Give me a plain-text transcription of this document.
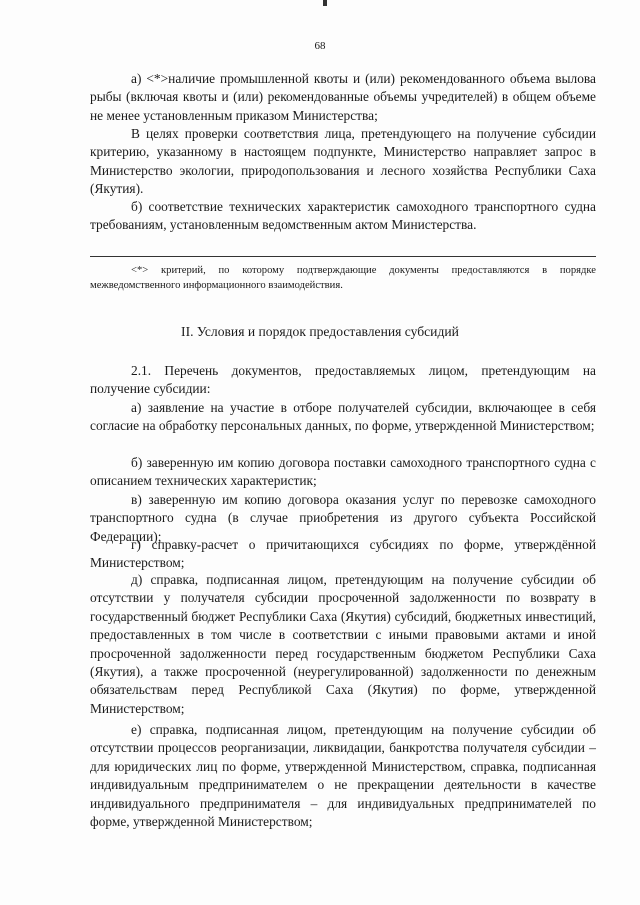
68

а) <*>наличие промышленной квоты и (или) рекомендованного объема вылова рыбы (включая квоты и (или) рекомендованные объемы учредителей) в общем объеме не менее установленным приказом Министерства;

В целях проверки соответствия лица, претендующего на получение субсидии критерию, указанному в настоящем подпункте, Министерство направляет запрос в Министерство экологии, природопользования и лесного хозяйства Республики Саха (Якутия).

б) соответствие технических характеристик самоходного транспортного судна требованиям, установленным ведомственным актом Министерства.

<*> критерий, по которому подтверждающие документы предоставляются в порядке межведомственного информационного взаимодействия.

II. Условия и порядок предоставления субсидий

2.1. Перечень документов, предоставляемых лицом, претендующим на получение субсидии:

а) заявление на участие в отборе получателей субсидии, включающее в себя согласие на обработку персональных данных, по форме, утвержденной Министерством;

б) заверенную им копию договора поставки самоходного транспортного судна с описанием технических характеристик;

в) заверенную им копию договора оказания услуг по перевозке самоходного транспортного судна (в случае приобретения из другого субъекта Российской Федерации);

г) справку-расчет о причитающихся субсидиях по форме, утверждённой Министерством;

д) справка, подписанная лицом, претендующим на получение субсидии об отсутствии у получателя субсидии просроченной задолженности по возврату в государственный бюджет Республики Саха (Якутия) субсидий, бюджетных инвестиций, предоставленных в том числе в соответствии с иными правовыми актами и иной просроченной задолженности перед государственным бюджетом Республики Саха (Якутия), а также просроченной (неурегулированной) задолженности по денежным обязательствам перед Республикой Саха (Якутия) по форме, утвержденной Министерством;

е) справка, подписанная лицом, претендующим на получение субсидии об отсутствии процессов реорганизации, ликвидации, банкротства получателя субсидии – для юридических лиц по форме, утвержденной Министерством, справка, подписанная индивидуальным предпринимателем о не прекращении деятельности в качестве индивидуального предпринимателя – для индивидуальных предпринимателей по форме, утвержденной Министерством;
